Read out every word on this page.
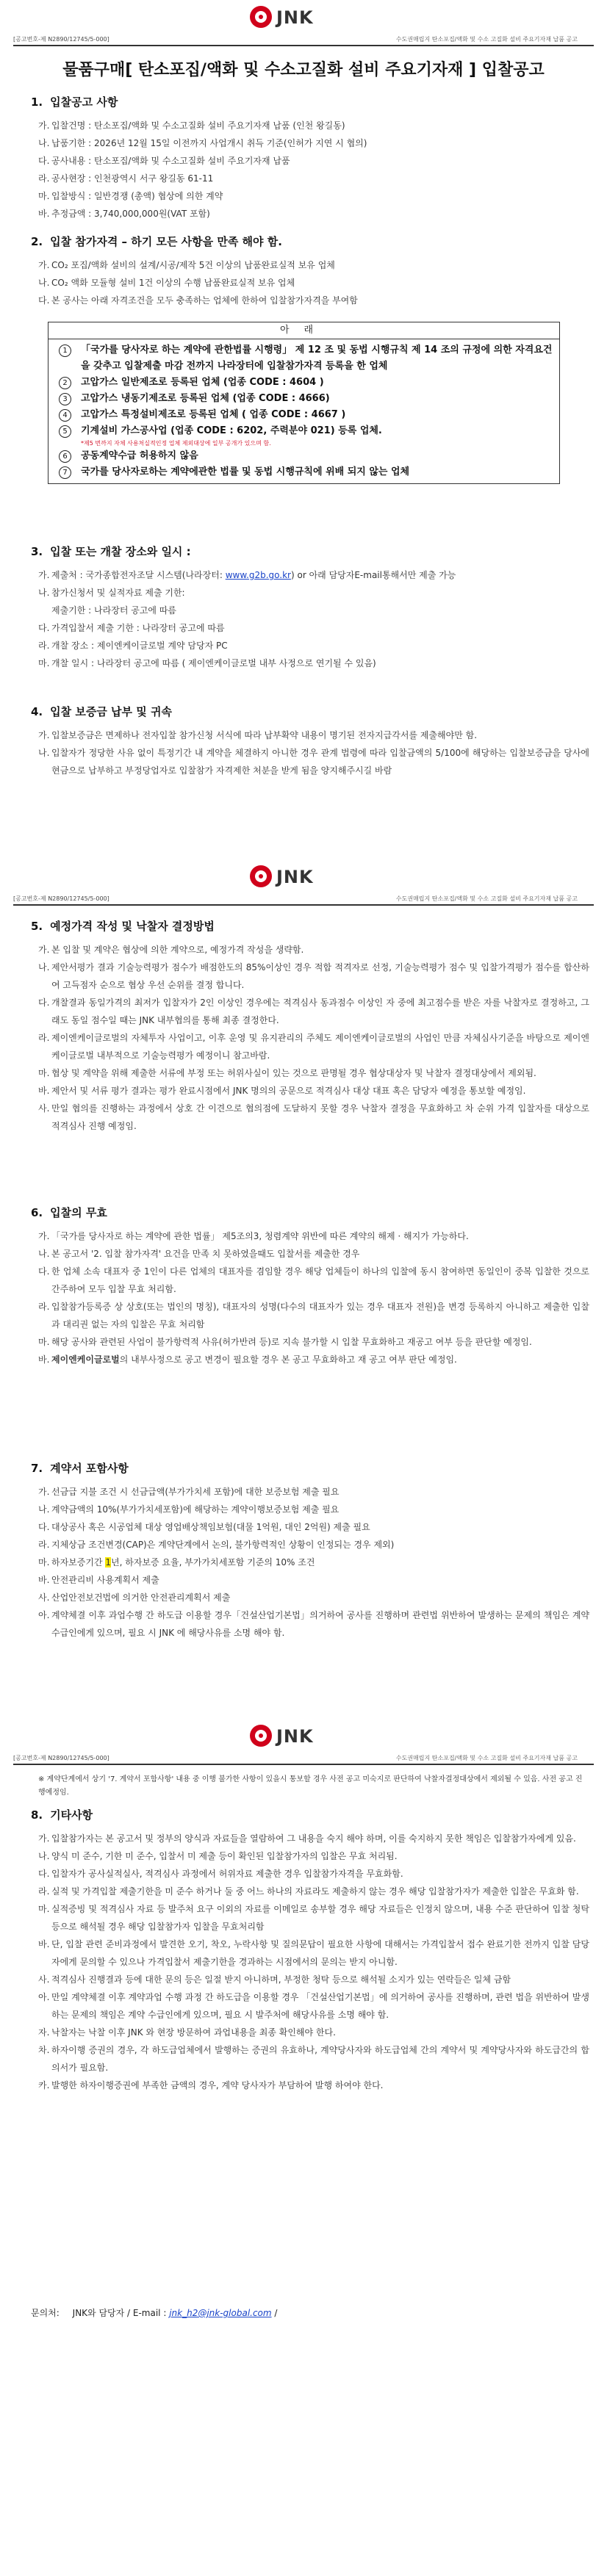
[공고번호-제 N2890/12745/5-000]
JNK
수도권매립지 탄소포집/액화 및 수소 고질화 설비 주요기자재 납품 공고
물품구매[ 탄소포집/액화 및 수소고질화 설비 주요기자재 ] 입찰공고
1. 입찰공고 사항
가. 입찰건명 : 탄소포집/액화 및 수소고질화 설비 주요기자재 납품 (인천 왕길동)
나. 납품기한 : 2026년 12월 15일 이전까지 사업개시 취득 기준(인허가 지연 시 협의)
다. 공사내용 : 탄소포집/액화 및 수소고질화 설비 주요기자재 납품
라. 공사현장 : 인천광역시 서구 왕길동 61-11
마. 입찰방식 : 일반경쟁 (총액) 협상에 의한 계약
바. 추정금액 : 3,740,000,000원(VAT 포함)
2. 입찰 참가자격 – 하기 모든 사항을 만족 해야 함.
가. CO₂ 포집/액화 설비의 설계/시공/제작 5건 이상의 납품완료실적 보유 업체
나. CO₂ 액화 모듈형 설비 1건 이상의 수행 납품완료실적 보유 업체
다. 본 공사는 아래 자격조건을 모두 충족하는 업체에 한하여 입찰참가자격을 부여함
아래
1	「국가를 당사자로 하는 계약에 관한법률 시행령」 제 12 조 및 동법 시행규칙 제 14 조의 규정에 의한 자격요건을 갖추고 입찰제출 마감 전까지 나라장터에 입찰참가자격 등록을 한 업체
2	고압가스 일반제조로 등록된 업체 (업종 CODE : 4604 )
3	고압가스 냉동기제조로 등록된 업체 (업종 CODE : 4666)
4	고압가스 특정설비제조로 등록된 업체 ( 업종 CODE : 4667 )
5	기계설비 가스공사업 (업종 CODE : 6202, 주력분야 021) 등록 업체.
*제5 번까지 자체 사용처실적인정 업체 제외대상에 일부 공개가 있으며 함.
6	공동계약수급 허용하지 않음
7	국가를 당사자로하는 계약에관한 법률 및 동법 시행규칙에 위배 되지 않는 업체
3. 입찰 또는 개찰 장소와 일시 :
가. 제출처 : 국가종합전자조달 시스템(나라장터: www.g2b.go.kr) or 아래 담당자E-mail통해서만 제출 가능
나. 참가신청서 및 실적자료 제출 기한:
제출기한 : 나라장터 공고에 따름
다. 가격입찰서 제출 기한 : 나라장터 공고에 따름
라. 개찰 장소 : 제이엔케이글로벌 계약 담당자 PC
마. 개찰 일시 : 나라장터 공고에 따름 ( 제이엔케이글로벌 내부 사정으로 연기될 수 있음)
4. 입찰 보증금 납부 및 귀속
가. 입찰보증금은 면제하나 전자입찰 참가신청 서식에 따라 납부확약 내용이 명기된 전자지급각서를 제출해야만 함.
나. 입찰자가 정당한 사유 없이 특정기간 내 계약을 체결하지 아니한 경우 관계 법령에 따라 입찰금액의 5/100에 해당하는 입찰보증금을 당사에 현금으로 납부하고 부정당업자로 입찰참가 자격제한 처분을 받게 됨을 양지해주시길 바람
[공고번호-제 N2890/12745/5-000]
JNK
수도권매립지 탄소포집/액화 및 수소 고질화 설비 주요기자재 납품 공고
5. 예정가격 작성 및 낙찰자 결정방법
가. 본 입찰 및 계약은 협상에 의한 계약으로, 예정가격 작성을 생략함.
나. 제안서평가 결과 기술능력평가 점수가 배점한도의 85%이상인 경우 적합 적격자로 선정, 기술능력평가 점수 및 입찰가격평가 점수를 합산하여 고득점자 순으로 협상 우선 순위를 결정 합니다.
다. 개찰결과 동일가격의 최저가 입찰자가 2인 이상인 경우에는 적격심사 동과점수 이상인 자 중에 최고점수를 받은 자를 낙찰자로 결정하고, 그래도 동일 점수일 때는 JNK 내부협의를 통해 최종 결정한다.
라. 제이엔케이글로벌의 자체투자 사업이고, 이후 운영 및 유지관리의 주체도 제이엔케이글로벌의 사업인 만큼 자체심사기준을 바탕으로 제이엔케이글로벌 내부적으로 기술능력평가 예정이니 참고바람.
마. 협상 및 계약을 위해 제출한 서류에 부정 또는 허위사실이 있는 것으로 판명될 경우 협상대상자 및 낙찰자 결정대상에서 제외됨.
바. 제안서 및 서류 평가 결과는 평가 완료시점에서 JNK 명의의 공문으로 적격심사 대상 대표 혹은 담당자 예정을 통보할 예정임.
사. 만일 협의를 진행하는 과정에서 상호 간 이견으로 협의점에 도달하지 못할 경우 낙찰자 결정을 무효화하고 차 순위 가격 입찰자를 대상으로 적격심사 진행 예정임.
6. 입찰의 무효
가. 「국가를 당사자로 하는 계약에 관한 법률」 제5조의3, 청렴계약 위반에 따른 계약의 해제 · 해지가 가능하다.
나. 본 공고서 '2. 입찰 참가자격' 요건을 만족 치 못하였을때도 입찰서를 제출한 경우
다. 한 업체 소속 대표자 중 1인이 다른 업체의 대표자를 겸임할 경우 해당 업체들이 하나의 입찰에 동시 참여하면 동일인이 중복 입찰한 것으로 간주하여 모두 입찰 무효 처리함.
라. 입찰참가등록증 상 상호(또는 법인의 명칭), 대표자의 성명(다수의 대표자가 있는 경우 대표자 전원)을 변경 등록하지 아니하고 제출한 입찰과 대리권 없는 자의 입찰은 무효 처리함
마. 해당 공사와 관련된 사업이 불가항력적 사유(허가반려 등)로 지속 불가할 시 입찰 무효화하고 재공고 여부 등을 판단할 예정임.
바. 제이엔케이글로벌의 내부사정으로 공고 변경이 필요할 경우 본 공고 무효화하고 재 공고 여부 판단 예정임.
7. 계약서 포함사항
가. 선금급 지불 조건 시 선금급액(부가가치세 포함)에 대한 보증보험 제출 필요
나. 계약금액의 10%(부가가치세포함)에 해당하는 계약이행보증보험 제출 필요
다. 대상공사 혹은 시공업체 대상 영업배상책임보험(대물 1억원, 대인 2억원) 제출 필요
라. 지체상금 조건변경(CAP)은 계약단계에서 논의, 불가항력적인 상황이 인정되는 경우 제외)
마. 하자보증기간 1년, 하자보증 요율, 부가가치세포함 기준의 10% 조건
바. 안전관리비 사용계획서 제출
사. 산업안전보건법에 의거한 안전관리계획서 제출
아. 계약체결 이후 과업수행 간 하도급 이용할 경우「건설산업기본법」의거하여 공사를 진행하며 관련법 위반하여 발생하는 문제의 책임은 계약 수급인에게 있으며, 필요 시 JNK 에 해당사유를 소명 해야 함.
[공고번호-제 N2890/12745/5-000]
JNK
수도권매립지 탄소포집/액화 및 수소 고질화 설비 주요기자재 납품 공고
※ 계약단계에서 상기 '7. 계약서 포함사항' 내용 중 이행 불가한 사항이 있을시 통보할 경우 사전 공고 미숙지로 판단하여 낙찰자결정대상에서 제외될 수 있음. 사전 공고 진행예정임.
8. 기타사항
가. 입찰참가자는 본 공고서 및 정부의 양식과 자료들을 열람하여 그 내용을 숙지 해야 하며, 이를 숙지하지 못한 책임은 입찰참가자에게 있음.
나. 양식 미 준수, 기한 미 준수, 입찰서 미 제출 등이 확인된 입찰참가자의 입찰은 무효 처리됨.
다. 입찰자가 공사실적실사, 적격심사 과정에서 허위자료 제출한 경우 입찰참가자격을 무효화함.
라. 실적 및 가격입찰 제출기한을 미 준수 하거나 둘 중 어느 하나의 자료라도 제출하지 않는 경우 해당 입찰참가자가 제출한 입찰은 무효화 함.
마. 실적증빙 및 적격심사 자료 등 발주처 요구 이외의 자료를 이메일로 송부할 경우 해당 자료들은 인정치 않으며, 내용 수준 판단하여 입찰 청탁 등으로 해석될 경우 해당 입찰참가자 입찰을 무효처리함
바. 단, 입찰 관련 준비과정에서 발견한 오기, 착오, 누락사항 및 질의문답이 필요한 사항에 대해서는 가격입찰서 접수 완료기한 전까지 입찰 담당자에게 문의할 수 있으나 가격입찰서 제출기한을 경과하는 시점에서의 문의는 받지 아니함.
사. 적격심사 진행결과 등에 대한 문의 등은 일절 받지 아니하며, 부정한 청탁 등으로 해석될 소지가 있는 연락들은 일체 금함
아. 만일 계약체결 이후 계약과업 수행 과정 간 하도급을 이용할 경우 「건설산업기본법」에 의거하여 공사를 진행하며, 관련 법을 위반하여 발생하는 문제의 책임은 계약 수급인에게 있으며, 필요 시 발주처에 해당사유를 소명 해야 함.
자. 낙찰자는 낙찰 이후 JNK 와 현장 방문하여 과업내용을 최종 확인해야 한다.
차. 하자이행 증권의 경우, 각 하도급업체에서 발행하는 증권의 유효하나, 계약당사자와 하도급업체 간의 계약서 및 계약당사자와 하도급간의 합의서가 필요함.
카. 발행한 하자이행증권에 부족한 금액의 경우, 계약 당사자가 부담하여 발행 하여야 한다.
문의처: JNK와 담당자 / E-mail : jnk_h2@jnk-global.com /
